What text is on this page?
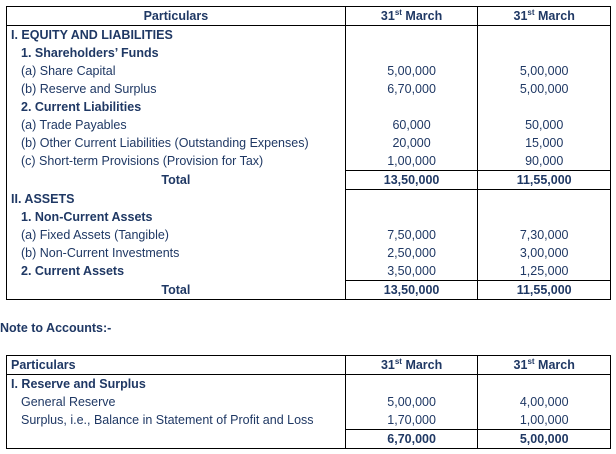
Particulars	31st March	31st March
I. EQUITY AND LIABILITIES		
1. Shareholders’ Funds		
(a) Share Capital	5,00,000	5,00,000
(b) Reserve and Surplus	6,70,000	5,00,000
2. Current Liabilities		
(a) Trade Payables	60,000	50,000
(b) Other Current Liabilities (Outstanding Expenses)	20,000	15,000
(c) Short-term Provisions (Provision for Tax)	1,00,000	90,000
Total	13,50,000	11,55,000
II. ASSETS		
1. Non-Current Assets		
(a) Fixed Assets (Tangible)	7,50,000	7,30,000
(b) Non-Current Investments	2,50,000	3,00,000
2. Current Assets	3,50,000	1,25,000
Total	13,50,000	11,55,000
Note to Accounts:-
Particulars	31st March	31st March
I. Reserve and Surplus		
General Reserve	5,00,000	4,00,000
Surplus, i.e., Balance in Statement of Profit and Loss	1,70,000	1,00,000
	6,70,000	5,00,000
